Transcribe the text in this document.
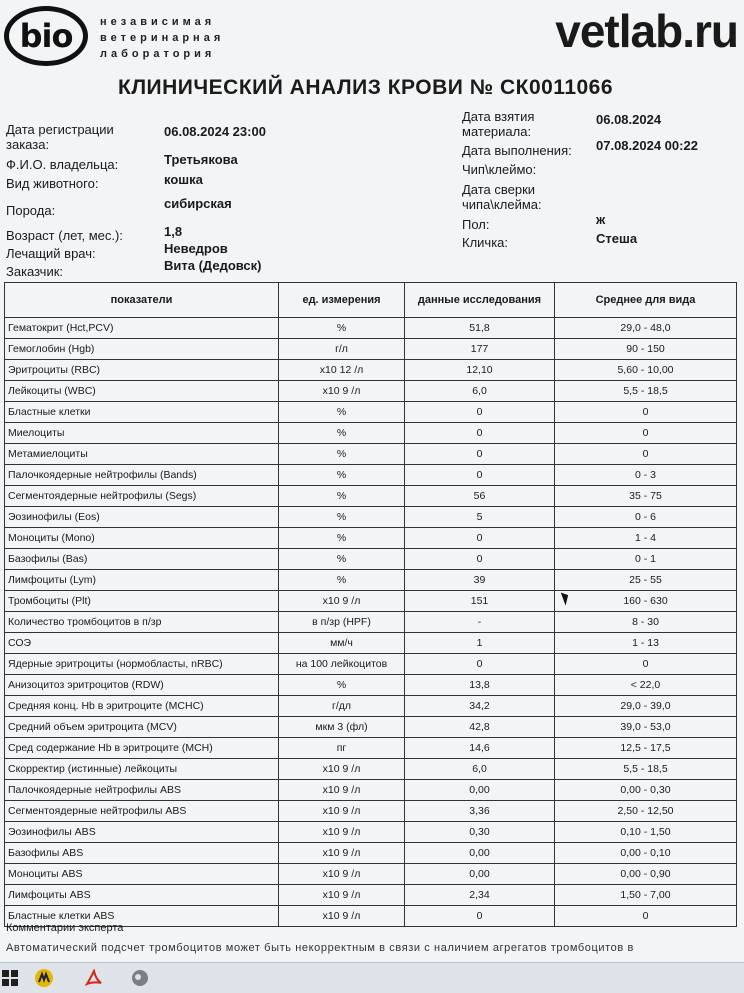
bio	независимая
ветеринарная
лаборатория	vetlab.ru
КЛИНИЧЕСКИЙ АНАЛИЗ КРОВИ № СК0011066
Дата регистрации заказа:
06.08.2024 23:00
Ф.И.О. владельца:	Третьякова
Вид животного:	кошка
Порода:	сибирская
Возраст (лет, мес.):	1,8
Лечащий врач:	Неведров
Заказчик:	Вита (Дедовск)
Дата взятия материала:
06.08.2024
Дата выполнения: 07.08.2024 00:22
Чип\клеймо:
Дата сверки чипа\клейма:
Пол:	ж
Кличка:	Стеша
показатели	ед. измерения	данные исследования	Среднее для вида
Гематокрит (Hct,PCV)	%	51,8	29,0 - 48,0
Гемоглобин (Hgb)	г/л	177	90 - 150
Эритроциты (RBC)	x10 12 /л	12,10	5,60 - 10,00
Лейкоциты (WBC)	x10 9 /л	6,0	5,5 - 18,5
Бластные клетки	%	0	0
Миелоциты	%	0	0
Метамиелоциты	%	0	0
Палочкоядерные нейтрофилы (Bands)	%	0	0 - 3
Сегментоядерные нейтрофилы (Segs)	%	56	35 - 75
Эозинофилы (Eos)	%	5	0 - 6
Моноциты (Mono)	%	0	1 - 4
Базофилы (Bas)	%	0	0 - 1
Лимфоциты (Lym)	%	39	25 - 55
Тромбоциты (Plt)	x10 9 /л	151	160 - 630
Количество тромбоцитов в п/зр	в п/зр (HPF)	-	8 - 30
СОЭ	мм/ч	1	1 - 13
Ядерные эритроциты (нормобласты, nRBC)	на 100 лейкоцитов	0	0
Анизоцитоз эритроцитов (RDW)	%	13,8	< 22,0
Средняя конц. Hb в эритроците (MCHC)	г/дл	34,2	29,0 - 39,0
Средний объем эритроцита (MCV)	мкм 3 (фл)	42,8	39,0 - 53,0
Сред содержание Hb в эритроците (MCH)	пг	14,6	12,5 - 17,5
Скорректир (истинные) лейкоциты	x10 9 /л	6,0	5,5 - 18,5
Палочкоядерные нейтрофилы ABS	x10 9 /л	0,00	0,00 - 0,30
Сегментоядерные нейтрофилы ABS	x10 9 /л	3,36	2,50 - 12,50
Эозинофилы ABS	x10 9 /л	0,30	0,10 - 1,50
Базофилы ABS	x10 9 /л	0,00	0,00 - 0,10
Моноциты ABS	x10 9 /л	0,00	0,00 - 0,90
Лимфоциты ABS	x10 9 /л	2,34	1,50 - 7,00
Бластные клетки ABS	x10 9 /л	0	0
Комментарии эксперта
Автоматический подсчет тромбоцитов может быть некорректным в связи с наличием агрегатов тромбоцитов в
